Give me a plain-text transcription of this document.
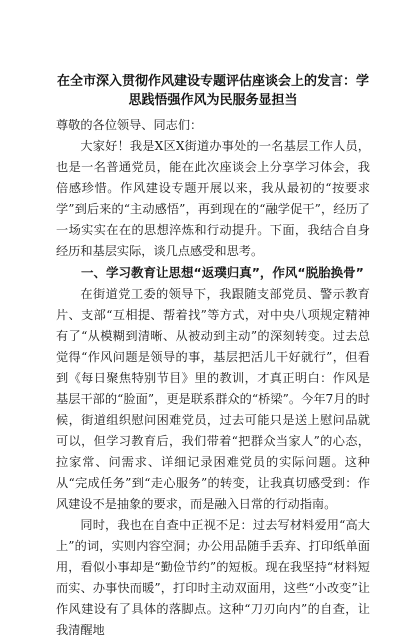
在全市深入贯彻作风建设专题评估座谈会上的发言：学思践悟强作风为民服务显担当

尊敬的各位领导、同志们：

大家好！我是X区X街道办事处的一名基层工作人员，也是一名普通党员，能在此次座谈会上分享学习体会，我倍感珍惜。作风建设专题开展以来，我从最初的“按要求学”到后来的“主动感悟”，再到现在的“融学促干”，经历了一场实实在在的思想淬炼和行动提升。下面，我结合自身经历和基层实际，谈几点感受和思考。

一、学习教育让思想“返璞归真”，作风“脱胎换骨”

在街道党工委的领导下，我跟随支部党员、警示教育片、支部“互相提、帮着找”等方式，对中央八项规定精神有了“从模糊到清晰、从被动到主动”的深刻转变。过去总觉得“作风问题是领导的事，基层把活儿干好就行”，但看到《每日聚焦特别节目》里的教训，才真正明白：作风是基层干部的“脸面”，更是联系群众的“桥梁”。今年7月的时候，街道组织慰问困难党员，过去可能只是送上慰问品就可以，但学习教育后，我们带着“把群众当家人”的心态，拉家常、问需求、详细记录困难党员的实际问题。这种从“完成任务”到“走心服务”的转变，让我真切感受到：作风建设不是抽象的要求，而是融入日常的行动指南。

同时，我也在自查中正视不足：过去写材料爱用“高大上”的词，实则内容空洞；办公用品随手丢弃、打印纸单面用，看似小事却是“勤俭节约”的短板。现在我坚持“材料短而实、办事快而暖”，打印时主动双面用，这些“小改变”让作风建设有了具体的落脚点。这种“刀刃向内”的自查，让我清醒地
